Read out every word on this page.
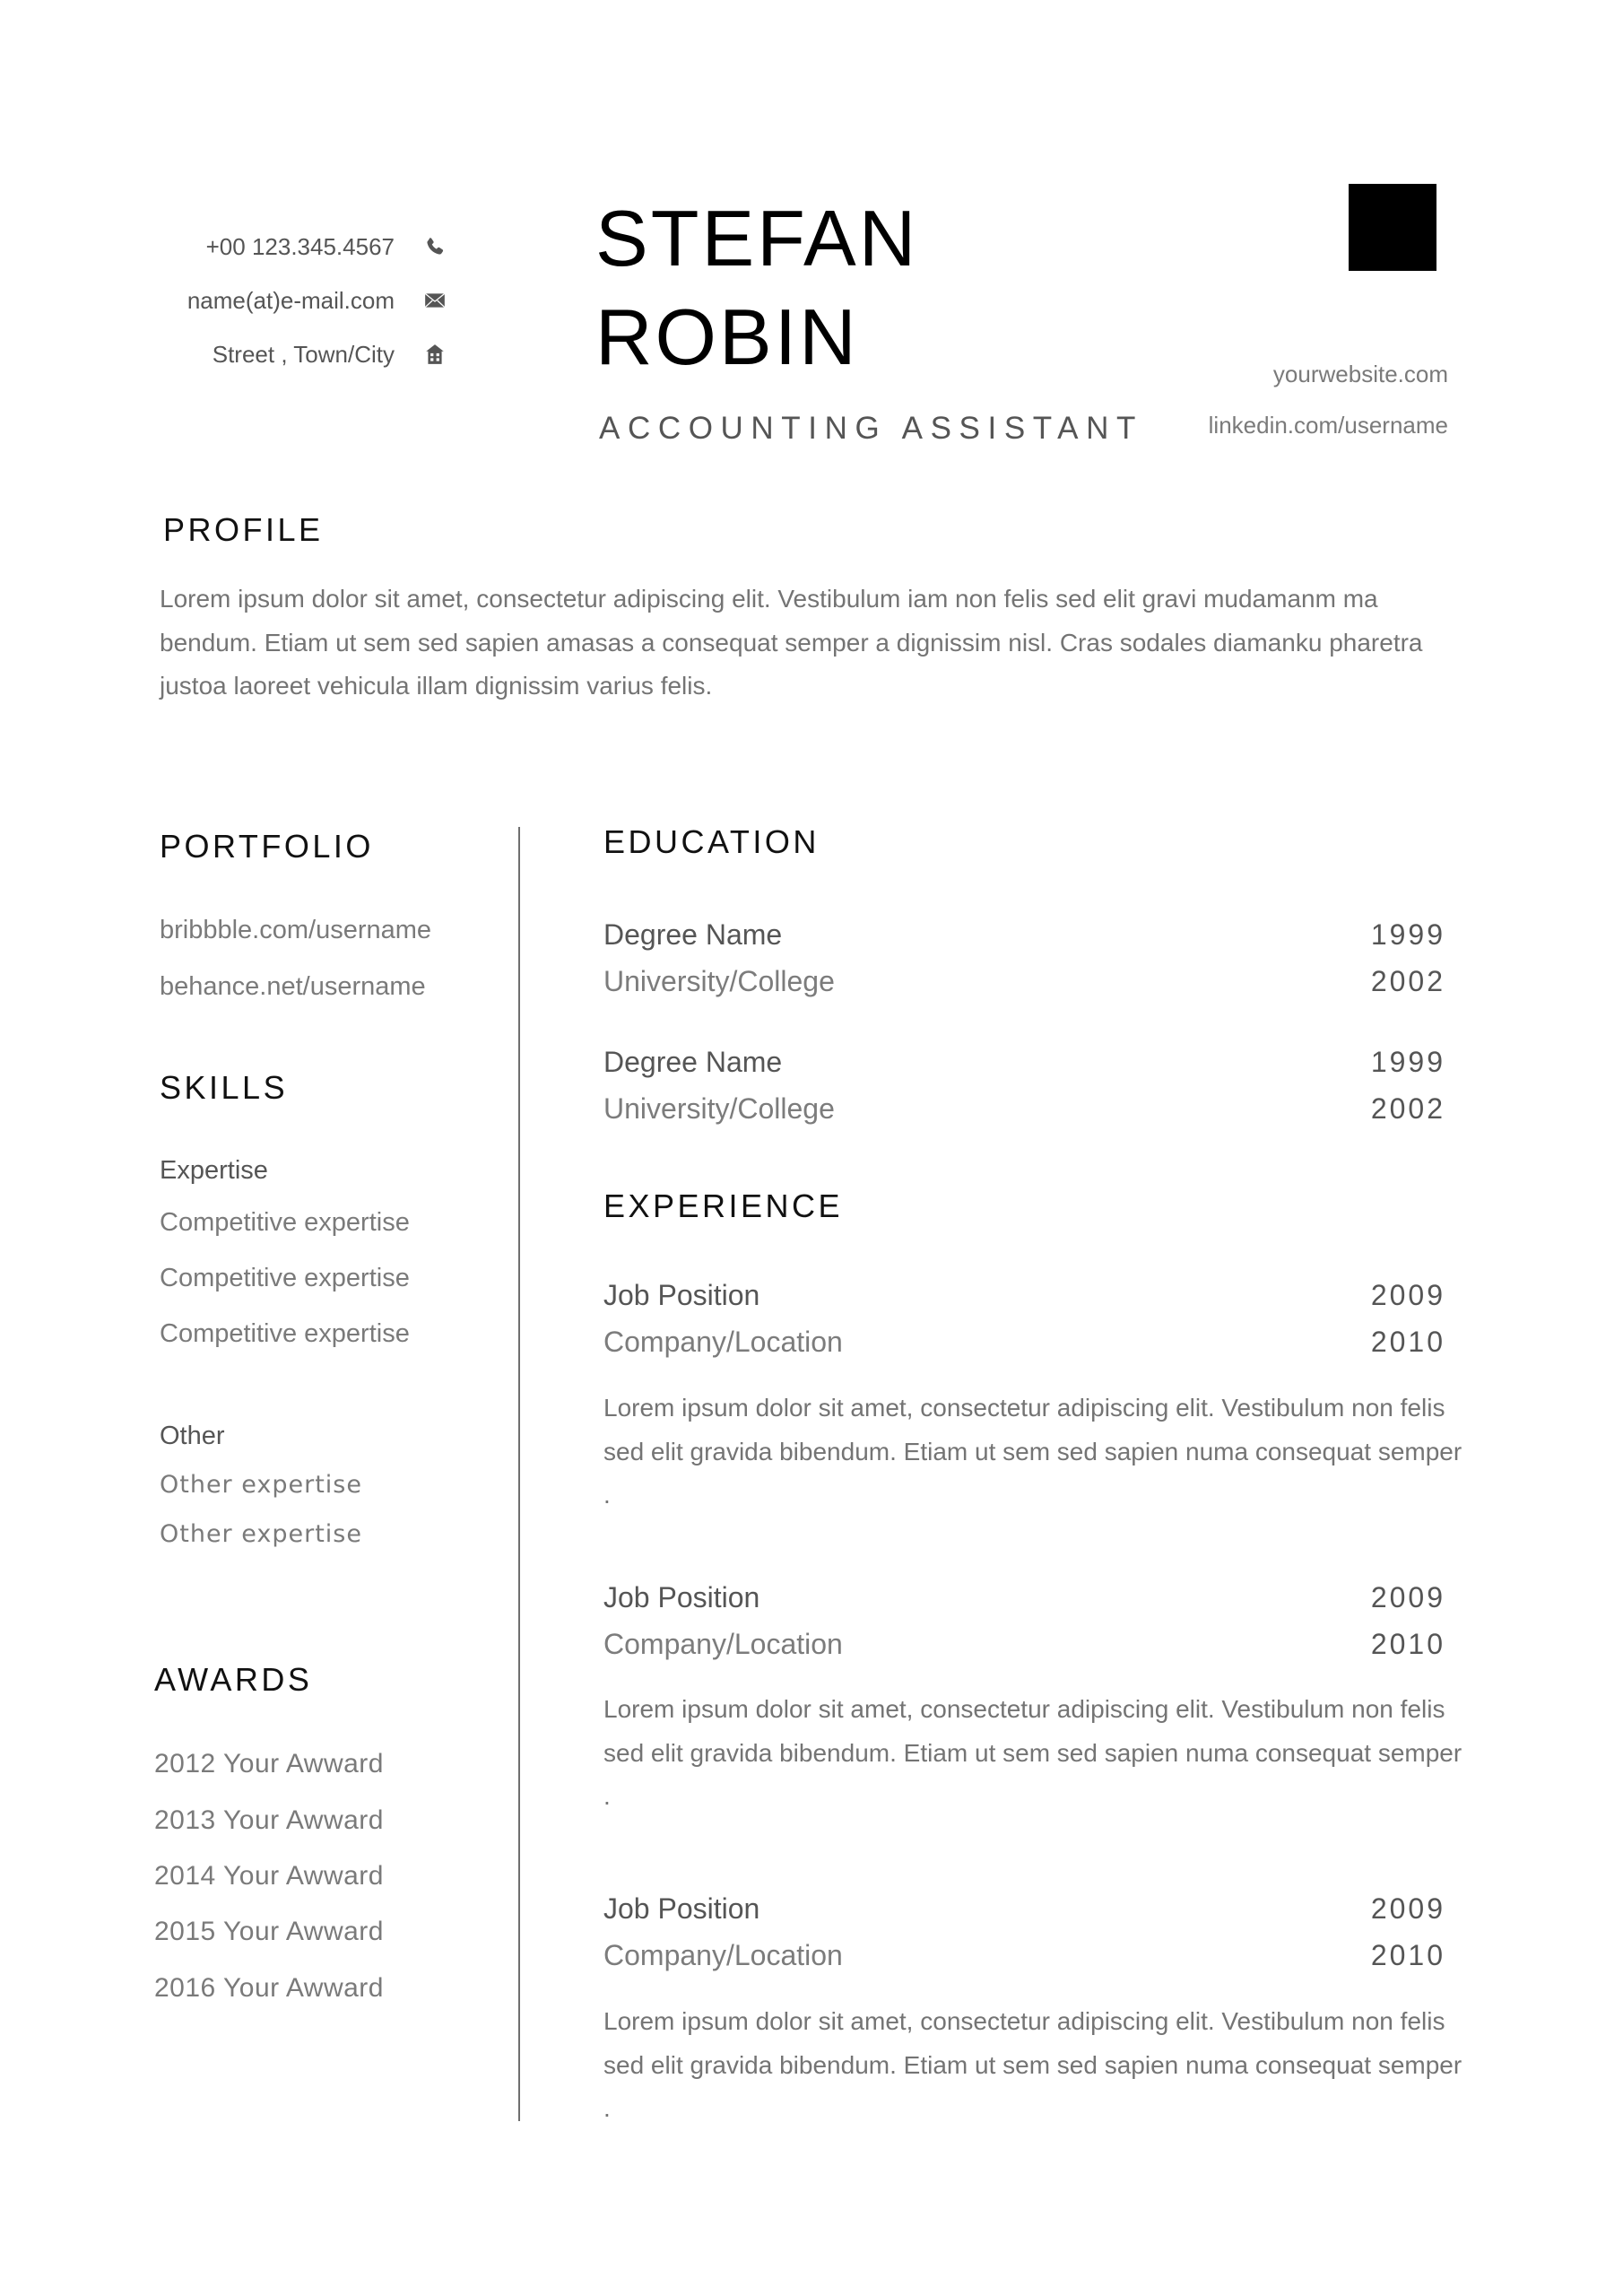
+00 123.345.4567
name(at)e-mail.com
Street , Town/City
STEFAN
ROBIN
ACCOUNTING ASSISTANT
yourwebsite.com
linkedin.com/username
PROFILE
Lorem ipsum dolor sit amet, consectetur adipiscing elit. Vestibulum iam non felis sed elit gravi mudamanm ma bendum. Etiam ut sem sed sapien amasas a consequat semper a dignissim nisl. Cras sodales diamanku pharetra justoa laoreet vehicula illam dignissim varius felis.
PORTFOLIO
bribbble.com/username
behance.net/username
SKILLS
Expertise
Competitive expertise
Competitive expertise
Competitive expertise
Other
Other expertise
Other expertise
AWARDS
2012 Your Awward
2013 Your Awward
2014 Your Awward
2015 Your Awward
2016 Your Awward
EDUCATION
Degree Name
University/College
1999
2002
Degree Name
University/College
1999
2002
EXPERIENCE
Job Position
Company/Location
2009
2010
Lorem ipsum dolor sit amet, consectetur adipiscing elit. Vestibulum non felis sed elit gravida bibendum. Etiam ut sem sed sapien numa consequat semper .
Job Position
Company/Location
2009
2010
Lorem ipsum dolor sit amet, consectetur adipiscing elit. Vestibulum non felis sed elit gravida bibendum. Etiam ut sem sed sapien numa consequat semper .
Job Position
Company/Location
2009
2010
Lorem ipsum dolor sit amet, consectetur adipiscing elit. Vestibulum non felis sed elit gravida bibendum. Etiam ut sem sed sapien numa consequat semper .
